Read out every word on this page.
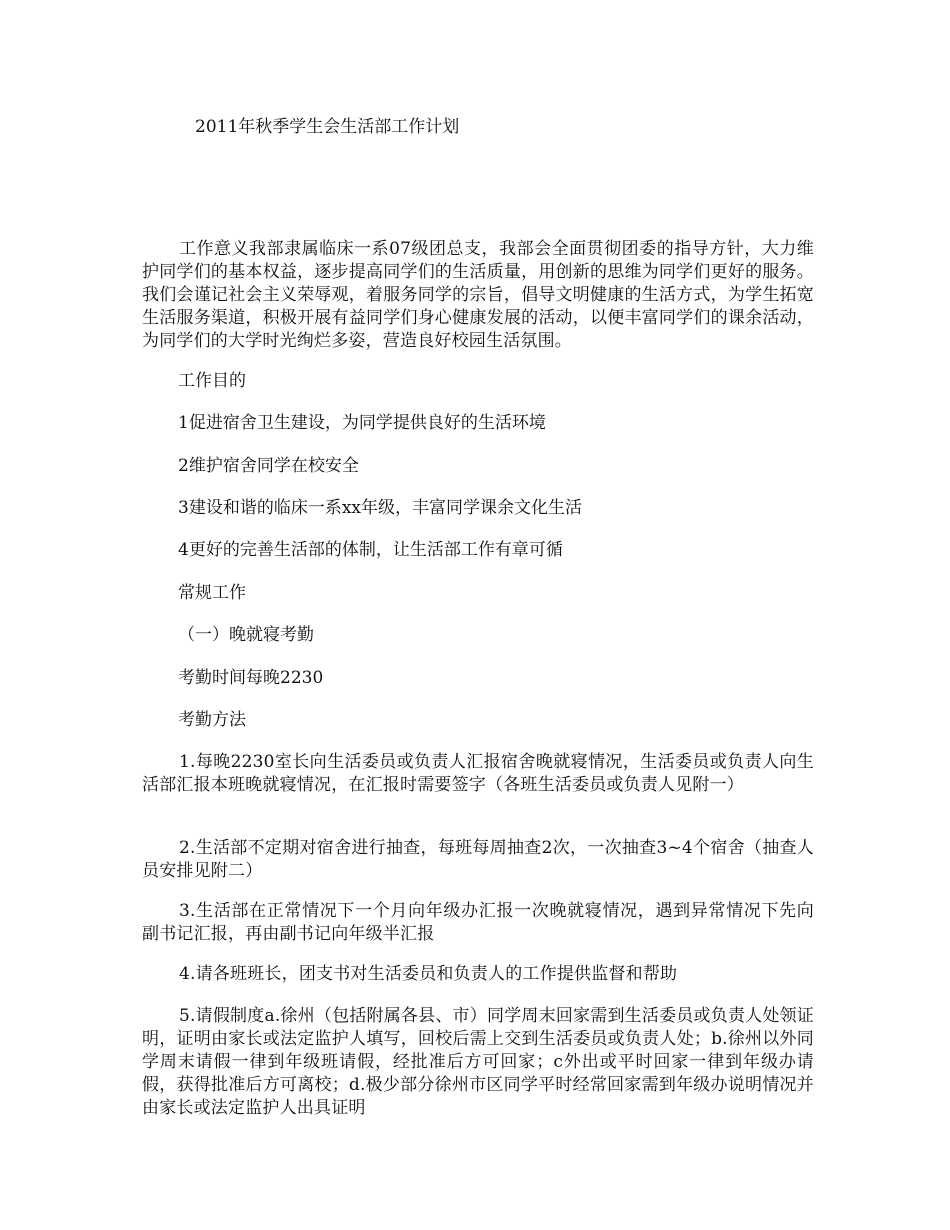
2011年秋季学生会生活部工作计划
工作意义我部隶属临床一系07级团总支，我部会全面贯彻团委的指导方针，大力维护同学们的基本权益，逐步提高同学们的生活质量，用创新的思维为同学们更好的服务。我们会谨记社会主义荣辱观，着服务同学的宗旨，倡导文明健康的生活方式，为学生拓宽生活服务渠道，积极开展有益同学们身心健康发展的活动，以便丰富同学们的课余活动，为同学们的大学时光绚烂多姿，营造良好校园生活氛围。
工作目的
1促进宿舍卫生建设，为同学提供良好的生活环境
2维护宿舍同学在校安全
3建设和谐的临床一系xx年级，丰富同学课余文化生活
4更好的完善生活部的体制，让生活部工作有章可循
常规工作
（一）晚就寝考勤
考勤时间每晚2230
考勤方法
1.每晚2230室长向生活委员或负责人汇报宿舍晚就寝情况，生活委员或负责人向生活部汇报本班晚就寝情况，在汇报时需要签字（各班生活委员或负责人见附一）
2.生活部不定期对宿舍进行抽查，每班每周抽查2次，一次抽查3~4个宿舍（抽查人员安排见附二）
3.生活部在正常情况下一个月向年级办汇报一次晚就寝情况，遇到异常情况下先向副书记汇报，再由副书记向年级半汇报
4.请各班班长，团支书对生活委员和负责人的工作提供监督和帮助
5.请假制度a.徐州（包括附属各县、市）同学周末回家需到生活委员或负责人处领证明，证明由家长或法定监护人填写，回校后需上交到生活委员或负责人处；b.徐州以外同学周末请假一律到年级班请假，经批准后方可回家；c外出或平时回家一律到年级办请假，获得批准后方可离校；d.极少部分徐州市区同学平时经常回家需到年级办说明情况并由家长或法定监护人出具证明
